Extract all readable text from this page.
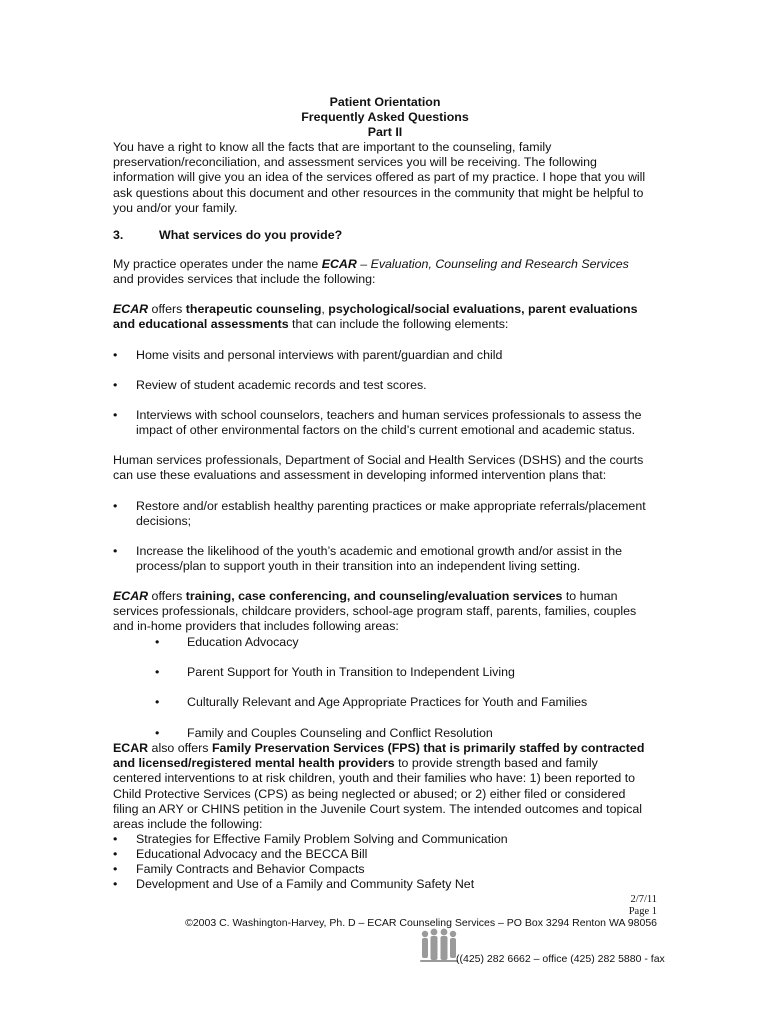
Patient Orientation
Frequently Asked Questions
Part II
You have a right to know all the facts that are important to the counseling, family
preservation/reconciliation, and assessment services you will be receiving. The following
information will give you an idea of the services offered as part of my practice. I hope that you will
ask questions about this document and other resources in the community that might be helpful to
you and/or your family.
3.	What services do you provide?
My practice operates under the name ECAR – Evaluation, Counseling and Research Services
and provides services that include the following:
ECAR offers therapeutic counseling, psychological/social evaluations, parent evaluations
and educational assessments that can include the following elements:
•	Home visits and personal interviews with parent/guardian and child
•	Review of student academic records and test scores.
•	Interviews with school counselors, teachers and human services professionals to assess the
impact of other environmental factors on the child’s current emotional and academic status.
Human services professionals, Department of Social and Health Services (DSHS) and the courts
can use these evaluations and assessment in developing informed intervention plans that:
•	Restore and/or establish healthy parenting practices or make appropriate referrals/placement
decisions;
•	Increase the likelihood of the youth’s academic and emotional growth and/or assist in the
process/plan to support youth in their transition into an independent living setting.
ECAR offers training, case conferencing, and counseling/evaluation services to human
services professionals, childcare providers, school-age program staff, parents, families, couples
and in-home providers that includes following areas:
• Education Advocacy
• Parent Support for Youth in Transition to Independent Living
• Culturally Relevant and Age Appropriate Practices for Youth and Families
• Family and Couples Counseling and Conflict Resolution
ECAR also offers Family Preservation Services (FPS) that is primarily staffed by contracted
and licensed/registered mental health providers to provide strength based and family
centered interventions to at risk children, youth and their families who have: 1) been reported to
Child Protective Services (CPS) as being neglected or abused; or 2) either filed or considered
filing an ARY or CHINS petition in the Juvenile Court system. The intended outcomes and topical
areas include the following:
•	Strategies for Effective Family Problem Solving and Communication
•	Educational Advocacy and the BECCA Bill
•	Family Contracts and Behavior Compacts
•	Development and Use of a Family and Community Safety Net
2/7/11
Page 1
©2003 C. Washington-Harvey, Ph. D – ECAR Counseling Services – PO Box 3294 Renton WA 98056
((425) 282 6662 – office (425) 282 5880 - fax
